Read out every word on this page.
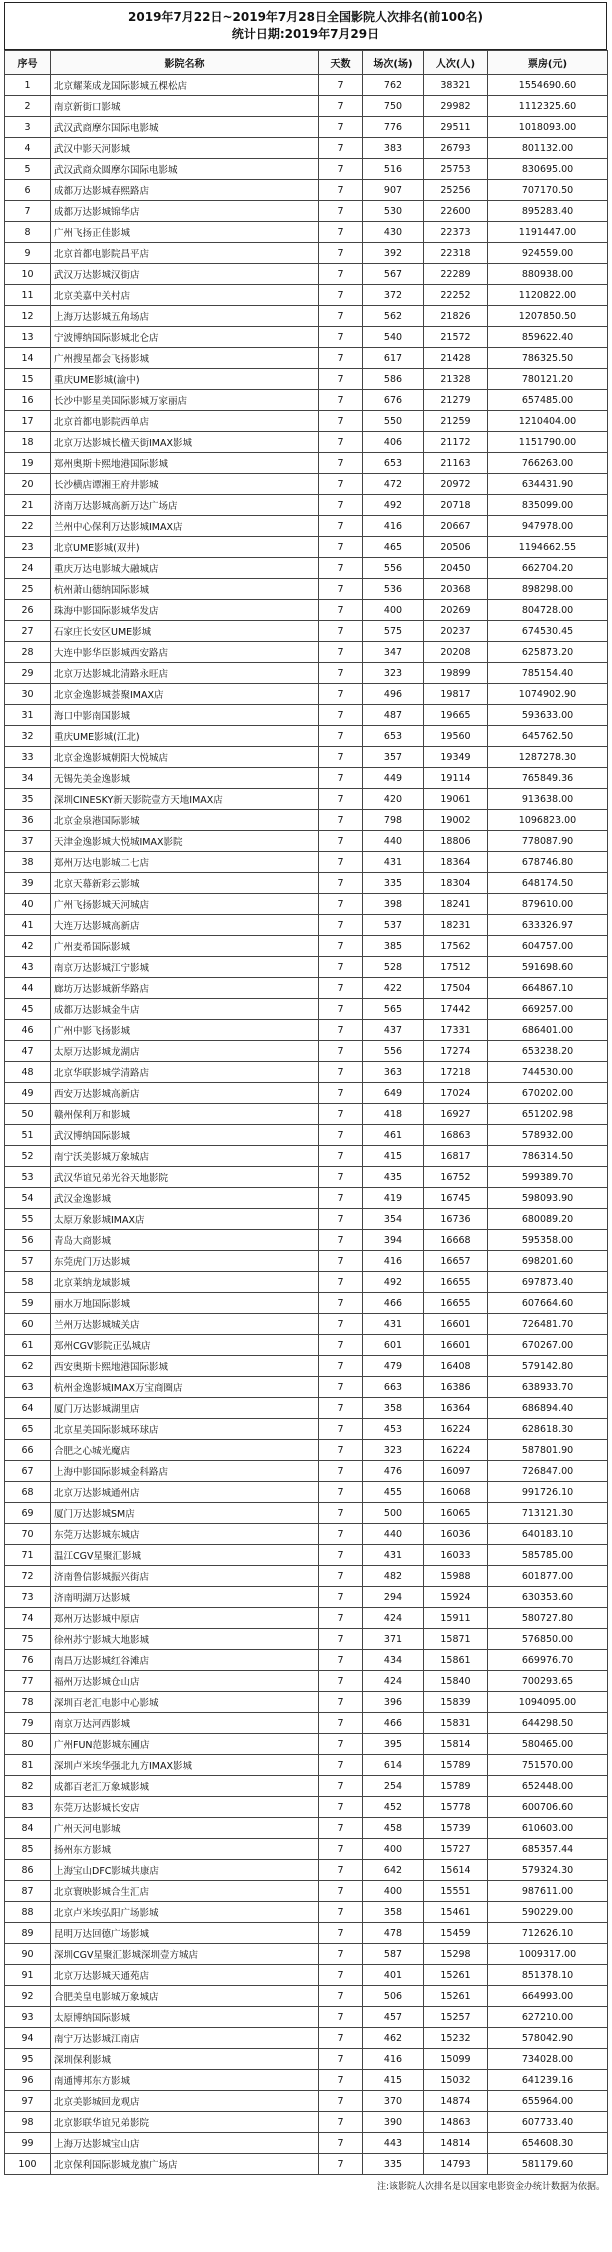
2019年7月22日~2019年7月28日全国影院人次排名(前100名)
统计日期:2019年7月29日
序号	影院名称	天数	场次(场)	人次(人)	票房(元)
1	北京耀莱成龙国际影城五棵松店	7	762	38321	1554690.60
2	南京新街口影城	7	750	29982	1112325.60
3	武汉武商摩尔国际电影城	7	776	29511	1018093.00
4	武汉中影天河影城	7	383	26793	801132.00
5	武汉武商众圆摩尔国际电影城	7	516	25753	830695.00
6	成都万达影城春熙路店	7	907	25256	707170.50
7	成都万达影城锦华店	7	530	22600	895283.40
8	广州飞扬正佳影城	7	430	22373	1191447.00
9	北京首都电影院昌平店	7	392	22318	924559.00
10	武汉万达影城汉街店	7	567	22289	880938.00
11	北京美嘉中关村店	7	372	22252	1120822.00
12	上海万达影城五角场店	7	562	21826	1207850.50
13	宁波博纳国际影城北仑店	7	540	21572	859622.40
14	广州搜星都会飞扬影城	7	617	21428	786325.50
15	重庆UME影城(渝中)	7	586	21328	780121.20
16	长沙中影星美国际影城万家丽店	7	676	21279	657485.00
17	北京首都电影院西单店	7	550	21259	1210404.00
18	北京万达影城长楹天街IMAX影城	7	406	21172	1151790.00
19	郑州奥斯卡熙地港国际影城	7	653	21163	766263.00
20	长沙横店谭湘王府井影城	7	472	20972	634431.90
21	济南万达影城高新万达广场店	7	492	20718	835099.00
22	兰州中心保利万达影城IMAX店	7	416	20667	947978.00
23	北京UME影城(双井)	7	465	20506	1194662.55
24	重庆万达电影城大融城店	7	556	20450	662704.20
25	杭州萧山德纳国际影城	7	536	20368	898298.00
26	珠海中影国际影城华发店	7	400	20269	804728.00
27	石家庄长安区UME影城	7	575	20237	674530.45
28	大连中影华臣影城西安路店	7	347	20208	625873.20
29	北京万达影城北清路永旺店	7	323	19899	785154.40
30	北京金逸影城荟聚IMAX店	7	496	19817	1074902.90
31	海口中影南国影城	7	487	19665	593633.00
32	重庆UME影城(江北)	7	653	19560	645762.50
33	北京金逸影城朝阳大悦城店	7	357	19349	1287278.30
34	无锡先美金逸影城	7	449	19114	765849.36
35	深圳CINESKY新天影院壹方天地IMAX店	7	420	19061	913638.00
36	北京金泉港国际影城	7	798	19002	1096823.00
37	天津金逸影城大悦城IMAX影院	7	440	18806	778087.90
38	郑州万达电影城二七店	7	431	18364	678746.80
39	北京天幕新彩云影城	7	335	18304	648174.50
40	广州飞扬影城天河城店	7	398	18241	879610.00
41	大连万达影城高新店	7	537	18231	633326.97
42	广州麦希国际影城	7	385	17562	604757.00
43	南京万达影城江宁影城	7	528	17512	591698.60
44	廊坊万达影城新华路店	7	422	17504	664867.10
45	成都万达影城金牛店	7	565	17442	669257.00
46	广州中影飞扬影城	7	437	17331	686401.00
47	太原万达影城龙湖店	7	556	17274	653238.20
48	北京华联影城学清路店	7	363	17218	744530.00
49	西安万达影城高新店	7	649	17024	670202.00
50	赣州保利万和影城	7	418	16927	651202.98
51	武汉博纳国际影城	7	461	16863	578932.00
52	南宁沃美影城万象城店	7	415	16817	786314.50
53	武汉华谊兄弟光谷天地影院	7	435	16752	599389.70
54	武汉金逸影城	7	419	16745	598093.90
55	太原万象影城IMAX店	7	354	16736	680089.20
56	青岛大商影城	7	394	16668	595358.00
57	东莞虎门万达影城	7	416	16657	698201.60
58	北京莱纳龙域影城	7	492	16655	697873.40
59	丽水万地国际影城	7	466	16655	607664.60
60	兰州万达影城城关店	7	431	16601	726481.70
61	郑州CGV影院正弘城店	7	601	16601	670267.00
62	西安奥斯卡熙地港国际影城	7	479	16408	579142.80
63	杭州金逸影城IMAX万宝商圈店	7	663	16386	638933.70
64	厦门万达影城湖里店	7	358	16364	686894.40
65	北京星美国际影城环球店	7	453	16224	628618.30
66	合肥之心城光魔店	7	323	16224	587801.90
67	上海中影国际影城金科路店	7	476	16097	726847.00
68	北京万达影城通州店	7	455	16068	991726.10
69	厦门万达影城SM店	7	500	16065	713121.30
70	东莞万达影城东城店	7	440	16036	640183.10
71	温江CGV星聚汇影城	7	431	16033	585785.00
72	济南鲁信影城振兴街店	7	482	15988	601877.00
73	济南明湖万达影城	7	294	15924	630353.60
74	郑州万达影城中原店	7	424	15911	580727.80
75	徐州苏宁影城大地影城	7	371	15871	576850.00
76	南昌万达影城红谷滩店	7	434	15861	669976.70
77	福州万达影城仓山店	7	424	15840	700293.65
78	深圳百老汇电影中心影城	7	396	15839	1094095.00
79	南京万达河西影城	7	466	15831	644298.50
80	广州FUN范影城东圃店	7	395	15814	580465.00
81	深圳卢米埃华强北九方IMAX影城	7	614	15789	751570.00
82	成都百老汇万象城影城	7	254	15789	652448.00
83	东莞万达影城长安店	7	452	15778	600706.60
84	广州天河电影城	7	458	15739	610603.00
85	扬州东方影城	7	400	15727	685357.44
86	上海宝山DFC影城共康店	7	642	15614	579324.30
87	北京寰映影城合生汇店	7	400	15551	987611.00
88	北京卢米埃弘阳广场影城	7	358	15461	590229.00
89	昆明万达回德广场影城	7	478	15459	712626.10
90	深圳CGV星聚汇影城深圳壹方城店	7	587	15298	1009317.00
91	北京万达影城天通苑店	7	401	15261	851378.10
92	合肥美皇电影城万象城店	7	506	15261	664993.00
93	太原博纳国际影城	7	457	15257	627210.00
94	南宁万达影城江南店	7	462	15232	578042.90
95	深圳保利影城	7	416	15099	734028.00
96	南通博邦东方影城	7	415	15032	641239.16
97	北京美影城回龙观店	7	370	14874	655964.00
98	北京影联华谊兄弟影院	7	390	14863	607733.40
99	上海万达影城宝山店	7	443	14814	654608.30
100	北京保利国际影城龙旗广场店	7	335	14793	581179.60
注:该影院人次排名是以国家电影资金办统计数据为依据。
